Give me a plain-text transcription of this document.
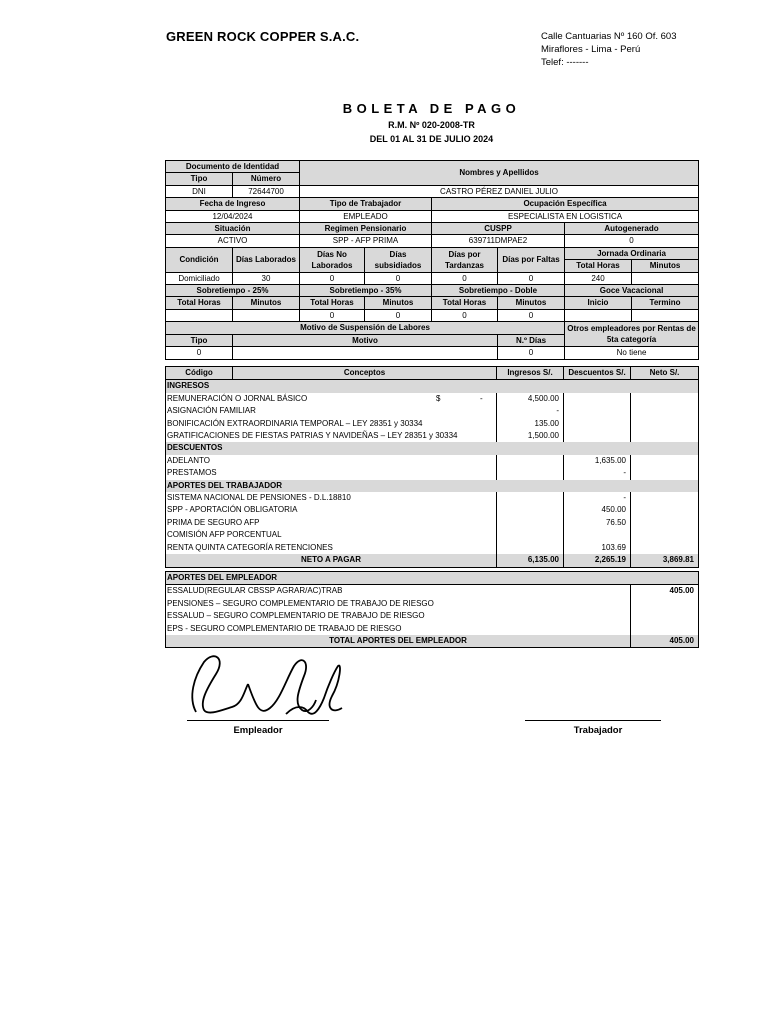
GREEN ROCK COPPER S.A.C.	Calle Cantuarias Nº 160 Of. 603
Miraflores - Lima - Perú
Telef: -------
BOLETA DE PAGO
R.M. Nº 020-2008-TR
DEL 01 AL 31 DE JULIO 2024
Documento de Identidad		Nombres y Apellidos					
Tipo	Número						
DNI	72644700	CASTRO PÉREZ DANIEL JULIO					
Fecha de Ingreso		Tipo de Trabajador		Ocupación Específica			
12/04/2024		EMPLEADO		ESPECIALISTA EN LOGISTICA			
Situación		Regimen Pensionario		CUSPP		Autogenerado	
ACTIVO		SPP - AFP PRIMA		639711DMPAE2		0	
Condición	Días Laborados	Días No Laborados	Días subsidiados	Días por Tardanzas	Días por Faltas	Jornada Ordinaria	
						Total Horas	Minutos
Domiciliado	30	0	0	0	0	240	
Sobretiempo - 25%		Sobretiempo - 35%		Sobretiempo - Doble		Goce Vacacional	
Total Horas	Minutos	Total Horas	Minutos	Total Horas	Minutos	Inicio	Termino
		0	0	0	0		
Motivo de Suspensión de Labores						Otros empleadores por Rentas de 5ta categoría	
Tipo	Motivo				N.º Días		
0					0	No tiene	
Código	Conceptos	Ingresos S/.	Descuentos S/.	Neto S/.
INGRESOS				
REMUNERACIÓN O JORNAL BÁSICO $ -		4,500.00		
ASIGNACIÓN FAMILIAR		-		
BONIFICACIÓN EXTRAORDINARIA TEMPORAL – LEY 28351 y 30334		135.00		
GRATIFICACIONES DE FIESTAS PATRIAS Y NAVIDEÑAS – LEY 28351 y 30334		1,500.00		
DESCUENTOS				
ADELANTO			1,635.00	
PRESTAMOS			-	
APORTES DEL TRABAJADOR				
SISTEMA NACIONAL DE PENSIONES - D.L.18810			-	
SPP - APORTACIÓN OBLIGATORIA			450.00	
PRIMA DE SEGURO AFP			76.50	
COMISIÓN AFP PORCENTUAL				
RENTA QUINTA CATEGORÍA RETENCIONES			103.69	
NETO A PAGAR		6,135.00	2,265.19	3,869.81
APORTES DEL EMPLEADOR	
ESSALUD(REGULAR CBSSP AGRAR/AC)TRAB	405.00
PENSIONES – SEGURO COMPLEMENTARIO DE TRABAJO DE RIESGO	
ESSALUD – SEGURO COMPLEMENTARIO DE TRABAJO DE RIESGO	
EPS - SEGURO COMPLEMENTARIO DE TRABAJO DE RIESGO	
TOTAL APORTES DEL EMPLEADOR	405.00
Empleador	Trabajador
